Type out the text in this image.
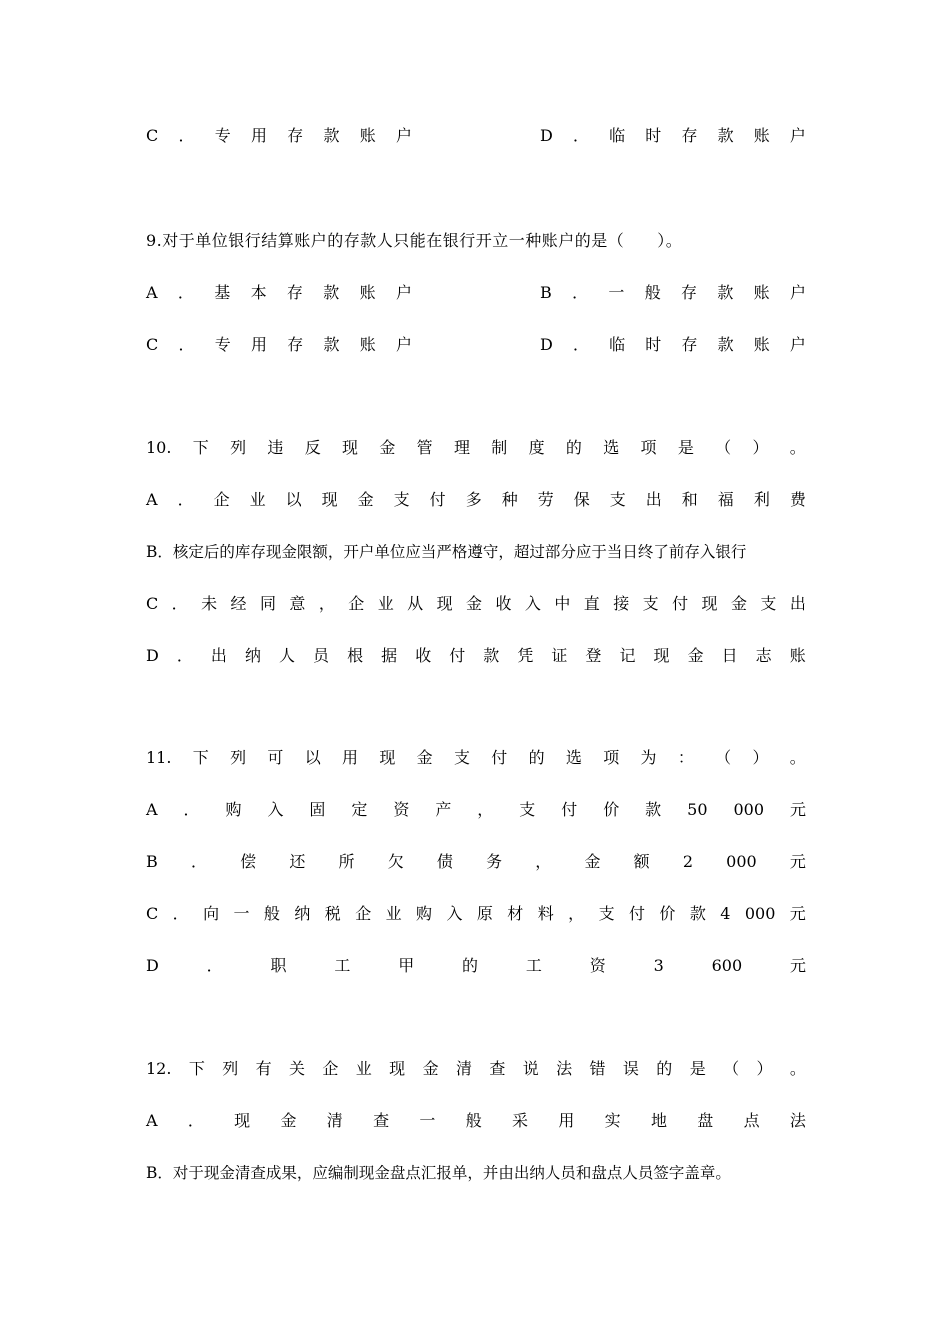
C ． 专 用 存 款 账 户	D ． 临 时 存 款 账 户
9.对于单位银行结算账户的存款人只能在银行开立一种账户的是（　　）。
A ． 基 本 存 款 账 户	B ． 一 般 存 款 账 户
C ． 专 用 存 款 账 户	D ． 临 时 存 款 账 户
10. 下 列 违 反 现 金 管 理 制 度 的 选 项 是 （ ） 。
A ． 企 业 以 现 金 支 付 多 种 劳 保 支 出 和 福 利 费
B．核定后的库存现金限额，开户单位应当严格遵守，超过部分应于当日终了前存入银行
C ． 未 经 同 意 ， 企 业 从 现 金 收 入 中 直 接 支 付 现 金 支 出
D ． 出 纳 人 员 根 据 收 付 款 凭 证 登 记 现 金 日 志 账
11. 下 列 可 以 用 现 金 支 付 的 选 项 为 ： （ ） 。
A ． 购 入 固 定 资 产 ， 支 付 价 款 50 000 元
B ． 偿 还 所 欠 债 务 ， 金 额 2 000 元
C ． 向 一 般 纳 税 企 业 购 入 原 材 料 ， 支 付 价 款 4 000 元
D	．	职	工	甲	的	工	资	3	600	元
12. 下 列 有 关 企 业 现 金 清 查 说 法 错 误 的 是 （ ） 。
A ． 现 金 清 查 一 般 采 用 实 地 盘 点 法
B．对于现金清查成果，应编制现金盘点汇报单，并由出纳人员和盘点人员签字盖章。
